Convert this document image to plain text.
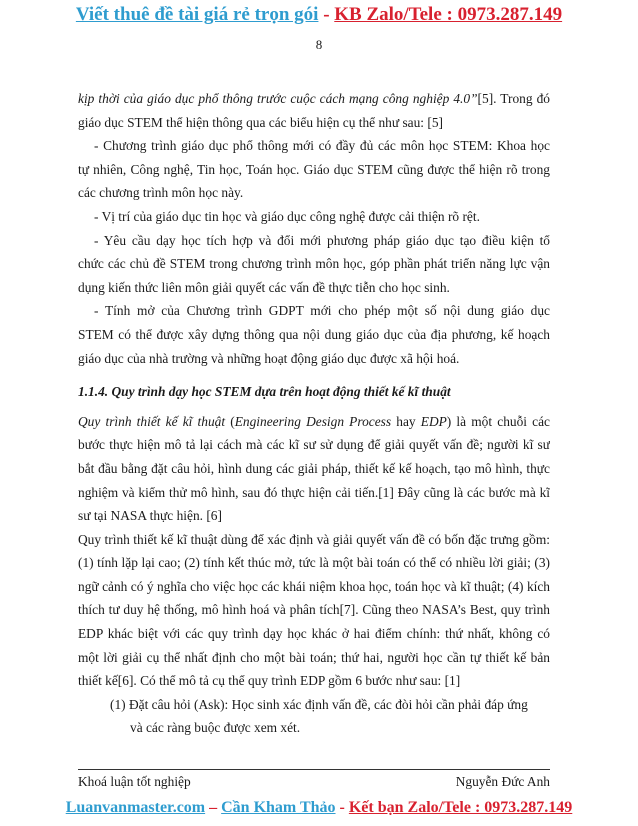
Viết thuê đề tài giá rẻ trọn gói - KB Zalo/Tele : 0973.287.149
8
kịp thời của giáo dục phổ thông trước cuộc cách mạng công nghiệp 4.0”[5]. Trong đó
giáo dục STEM thể hiện thông qua các biểu hiện cụ thể như sau: [5]
- Chương trình giáo dục phổ thông mới có đầy đủ các môn học STEM: Khoa học
tự nhiên, Công nghệ, Tin học, Toán học. Giáo dục STEM cũng được thể hiện rõ trong
các chương trình môn học này.
- Vị trí của giáo dục tin học và giáo dục công nghệ được cải thiện rõ rệt.
- Yêu cầu dạy học tích hợp và đổi mới phương pháp giáo dục tạo điều kiện tổ
chức các chủ đề STEM trong chương trình môn học, góp phần phát triển năng lực vận
dụng kiến thức liên môn giải quyết các vấn đề thực tiễn cho học sinh.
- Tính mở của Chương trình GDPT mới cho phép một số nội dung giáo dục
STEM có thể được xây dựng thông qua nội dung giáo dục của địa phương, kế hoạch
giáo dục của nhà trường và những hoạt động giáo dục được xã hội hoá.
1.1.4. Quy trình dạy học STEM dựa trên hoạt động thiết kế kĩ thuật
Quy trình thiết kế kĩ thuật (Engineering Design Process hay EDP) là một chuỗi các
bước thực hiện mô tả lại cách mà các kĩ sư sử dụng để giải quyết vấn đề; người kĩ sư
bắt đầu bằng đặt câu hỏi, hình dung các giải pháp, thiết kế kế hoạch, tạo mô hình, thực
nghiệm và kiểm thử mô hình, sau đó thực hiện cải tiến.[1] Đây cũng là các bước mà kĩ
sư tại NASA thực hiện. [6]
Quy trình thiết kế kĩ thuật dùng để xác định và giải quyết vấn đề có bốn đặc trưng gồm:
(1) tính lặp lại cao; (2) tính kết thúc mở, tức là một bài toán có thể có nhiều lời giải; (3)
ngữ cảnh có ý nghĩa cho việc học các khái niệm khoa học, toán học và kĩ thuật; (4) kích
thích tư duy hệ thống, mô hình hoá và phân tích[7]. Cũng theo NASA’s Best, quy trình
EDP khác biệt với các quy trình dạy học khác ở hai điểm chính: thứ nhất, không có
một lời giải cụ thể nhất định cho một bài toán; thứ hai, người học cần tự thiết kế bản
thiết kế[6]. Có thể mô tả cụ thể quy trình EDP gồm 6 bước như sau: [1]
(1) Đặt câu hỏi (Ask): Học sinh xác định vấn đề, các đòi hỏi cần phải đáp ứng
và các ràng buộc được xem xét.
Khoá luận tốt nghiệp	Nguyễn Đức Anh
Luanvanmaster.com – Cần Kham Thảo - Kết bạn Zalo/Tele : 0973.287.149
